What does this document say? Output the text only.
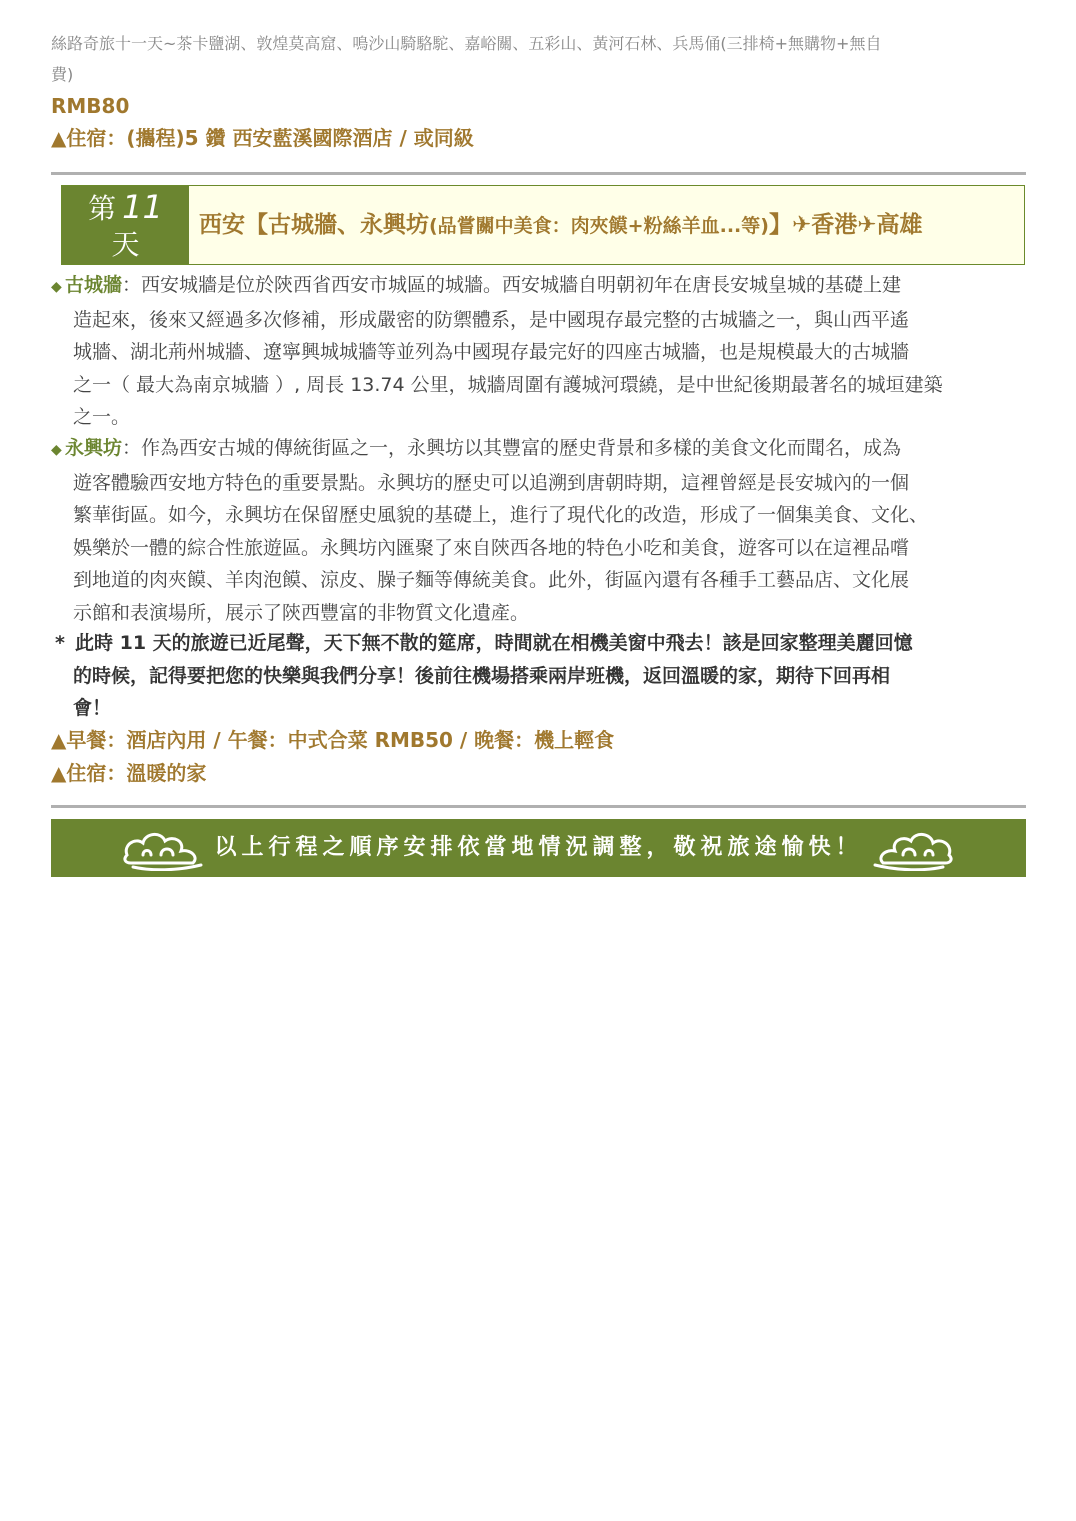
絲路奇旅十一天~茶卡鹽湖、敦煌莫高窟、鳴沙山騎駱駝、嘉峪關、五彩山、黃河石林、兵馬俑(三排椅+無購物+無自
費)
RMB80
▲住宿：(攜程)5 鑽 西安藍溪國際酒店 / 或同級
第 11
天
西安【古城牆、永興坊(品嘗關中美食：肉夾饃+粉絲羊血...等)】✈香港✈高雄
◆ 古城牆：西安城牆是位於陝西省西安市城區的城牆。西安城牆自明朝初年在唐長安城皇城的基礎上建
造起來，後來又經過多次修補，形成嚴密的防禦體系，是中國現存最完整的古城牆之一，與山西平遙
城牆、湖北荊州城牆、遼寧興城城牆等並列為中國現存最完好的四座古城牆，也是規模最大的古城牆
之一（ 最大為南京城牆 ）, 周長 13.74 公里，城牆周圍有護城河環繞，是中世紀後期最著名的城垣建築
之一。
◆ 永興坊：作為西安古城的傳統街區之一，永興坊以其豐富的歷史背景和多樣的美食文化而聞名，成為
遊客體驗西安地方特色的重要景點。永興坊的歷史可以追溯到唐朝時期，這裡曾經是長安城內的一個
繁華街區。如今，永興坊在保留歷史風貌的基礎上，進行了現代化的改造，形成了一個集美食、文化、
娛樂於一體的綜合性旅遊區。永興坊內匯聚了來自陝西各地的特色小吃和美食，遊客可以在這裡品嚐
到地道的肉夾饃、羊肉泡饃、涼皮、臊子麵等傳統美食。此外，街區內還有各種手工藝品店、文化展
示館和表演場所，展示了陝西豐富的非物質文化遺產。
* 此時 11 天的旅遊已近尾聲，天下無不散的筵席，時間就在相機美窗中飛去！該是回家整理美麗回憶
的時候，記得要把您的快樂與我們分享！後前往機場搭乘兩岸班機，返回溫暖的家，期待下回再相
會！
▲早餐：酒店內用 / 午餐：中式合菜 RMB50 / 晚餐：機上輕食
▲住宿：溫暖的家
以上行程之順序安排依當地情況調整，敬祝旅途愉快！
